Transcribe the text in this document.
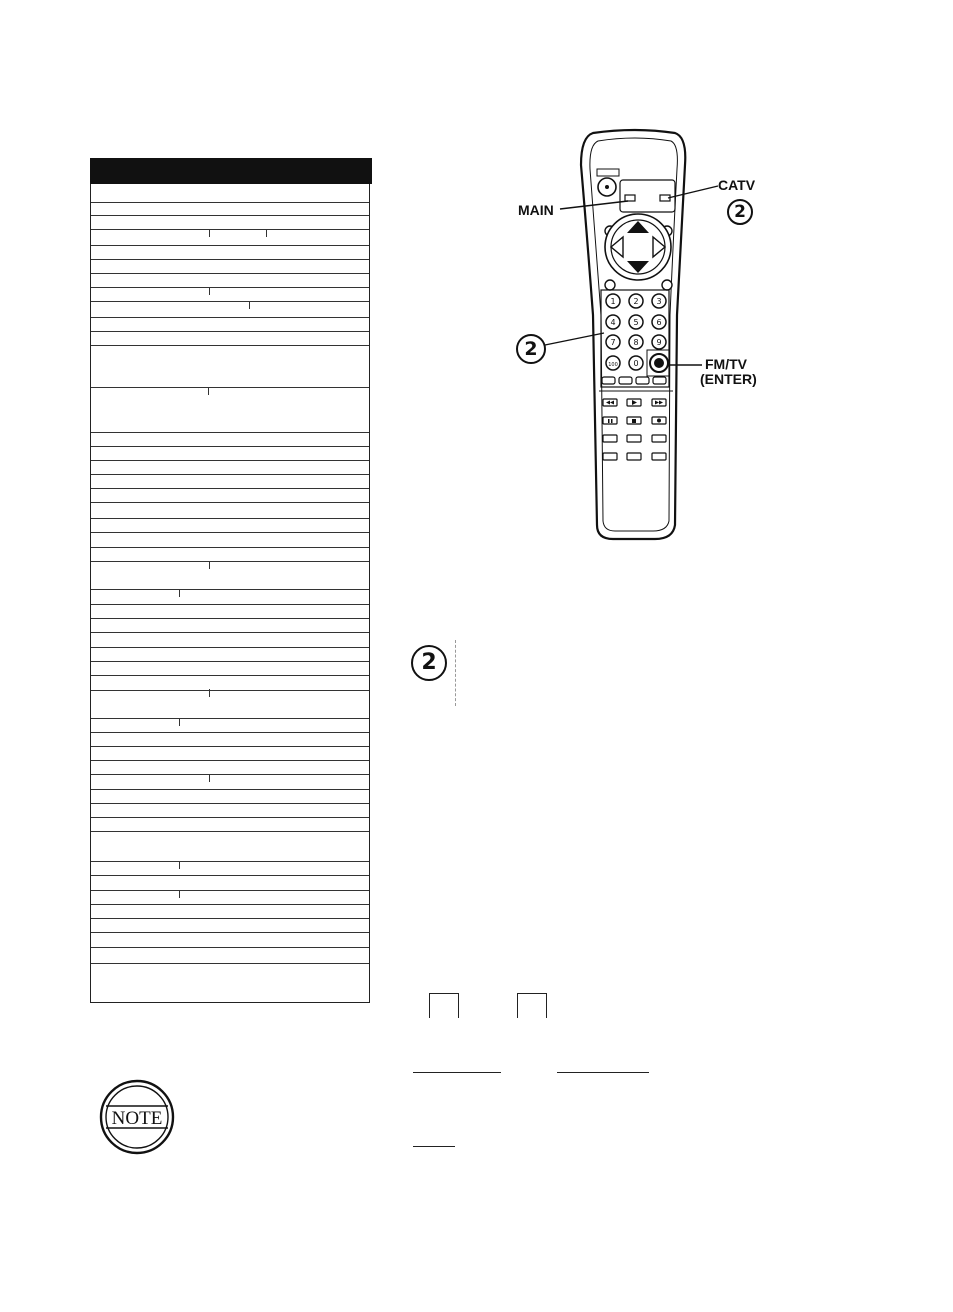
1 2 3
4 5 6
7 8 9
100 0
MAIN
CATV
FM/TV
(ENTER)
2
2
2
NOTE
